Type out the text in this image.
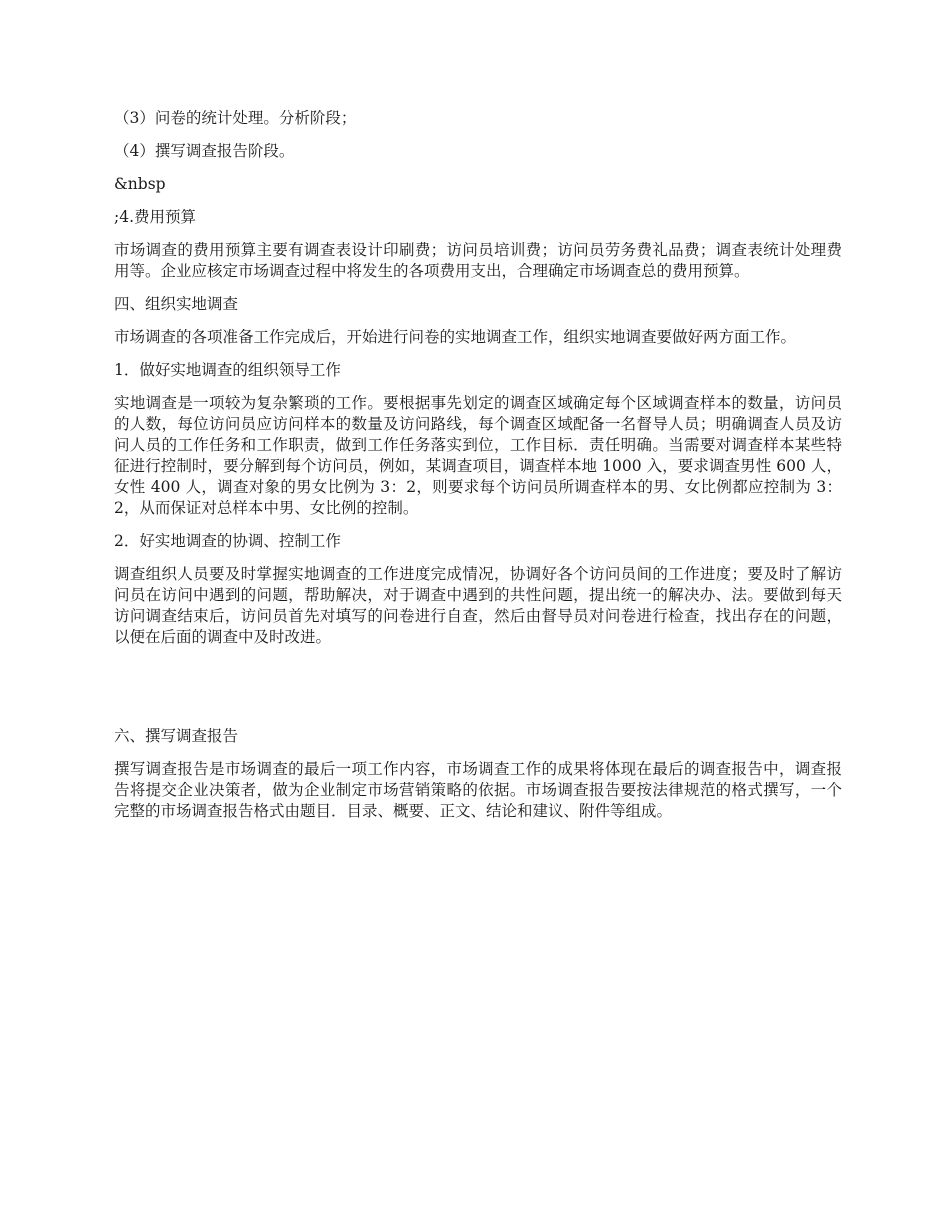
（3）问卷的统计处理。分析阶段；

（4）撰写调查报告阶段。

&nbsp

;4.费用预算

市场调查的费用预算主要有调查表设计印刷费；访问员培训费；访问员劳务费礼品费；调查表统计处理费用等。企业应核定市场调查过程中将发生的各项费用支出，合理确定市场调查总的费用预算。

四、组织实地调查

市场调查的各项准备工作完成后，开始进行问卷的实地调查工作，组织实地调查要做好两方面工作。

1．做好实地调查的组织领导工作

实地调查是一项较为复杂繁琐的工作。要根据事先划定的调查区域确定每个区域调查样本的数量，访问员的人数，每位访问员应访问样本的数量及访问路线，每个调查区域配备一名督导人员；明确调查人员及访问人员的工作任务和工作职责，做到工作任务落实到位，工作目标．责任明确。当需要对调查样本某些特征进行控制时，要分解到每个访问员，例如，某调查项目，调查样本地 1000 入，要求调查男性 600 人，女性 400 人，调查对象的男女比例为 3：2，则要求每个访问员所调查样本的男、女比例都应控制为 3：2，从而保证对总样本中男、女比例的控制。

2．好实地调查的协调、控制工作

调查组织人员要及时掌握实地调查的工作进度完成情况，协调好各个访问员间的工作进度；要及时了解访问员在访问中遇到的问题，帮助解决，对于调查中遇到的共性问题，提出统一的解决办、法。要做到每天访问调查结束后，访问员首先对填写的问卷进行自查，然后由督导员对问卷进行检查，找出存在的问题，以便在后面的调查中及时改进。

六、撰写调查报告

撰写调查报告是市场调查的最后一项工作内容，市场调查工作的成果将体现在最后的调查报告中，调查报告将提交企业决策者，做为企业制定市场营销策略的依据。市场调查报告要按法律规范的格式撰写，一个完整的市场调查报告格式由题目．目录、概要、正文、结论和建议、附件等组成。
